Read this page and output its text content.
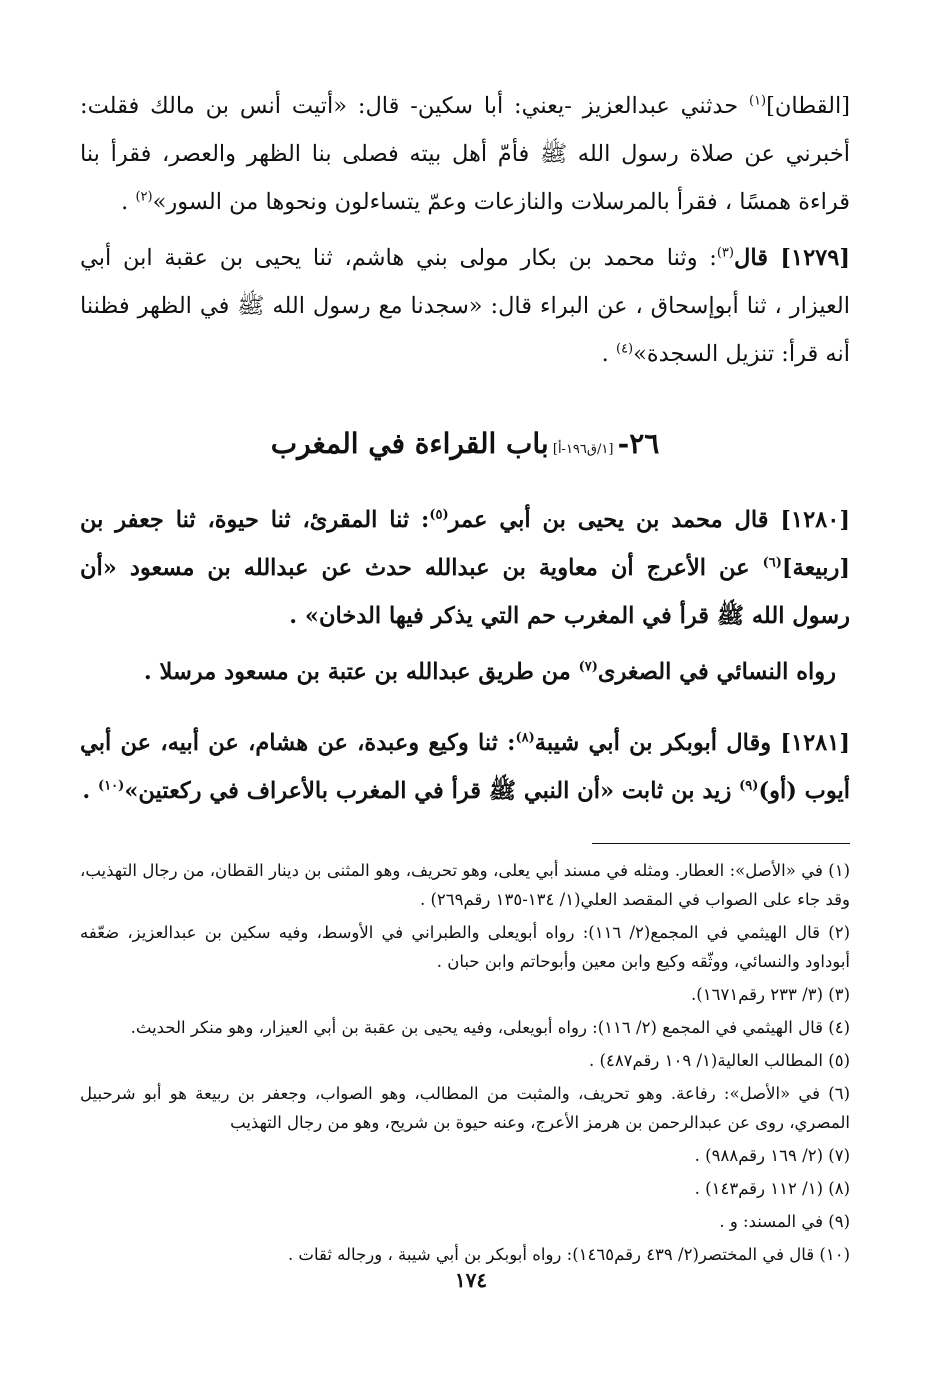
[القطان]$^{(١)}$ حدثني عبدالعزيز -يعني: أبا سكين- قال: «أتيت أنس بن مالك فقلت: أخبرني عن صلاة رسول الله ﷺ فأمّ أهل بيته فصلى بنا الظهر والعصر، فقرأ بنا قراءة همسًا ، فقرأ بالمرسلات والنازعات وعمّ يتساءلون ونحوها من السور»$^{(٢)}$ .

[١٢٧٩] قال$^{(٣)}$: وثنا محمد بن بكار مولى بني هاشم، ثنا يحيى بن عقبة ابن أبي العيزار ، ثنا أبوإسحاق ، عن البراء قال: «سجدنا مع رسول الله ﷺ في الظهر فظننا أنه قرأ: تنزيل السجدة»$^{(٤)}$ .

٢٦- [١/ق١٩٦-أ] باب القراءة في المغرب

[١٢٨٠] قال محمد بن يحيى بن أبي عمر$^{(٥)}$: ثنا المقرئ، ثنا حيوة، ثنا جعفر بن [ربيعة]$^{(٦)}$ عن الأعرج أن معاوية بن عبدالله حدث عن عبدالله بن مسعود «أن رسول الله ﷺ قرأ في المغرب حم التي يذكر فيها الدخان» .

رواه النسائي في الصغرى$^{(٧)}$ من طريق عبدالله بن عتبة بن مسعود مرسلا .

[١٢٨١] وقال أبوبكر بن أبي شيبة$^{(٨)}$: ثنا وكيع وعبدة، عن هشام، عن أبيه، عن أبي أيوب (أو)$^{(٩)}$ زيد بن ثابت «أن النبي ﷺ قرأ في المغرب بالأعراف في ركعتين»$^{(١٠)}$ .

(١) في «الأصل»: العطار. ومثله في مسند أبي يعلى، وهو تحريف، وهو المثنى بن دينار القطان، من رجال التهذيب، وقد جاء على الصواب في المقصد العلي(١/ ١٣٤-١٣٥ رقم٢٦٩) .
(٢) قال الهيثمي في المجمع(٢/ ١١٦): رواه أبويعلى والطبراني في الأوسط، وفيه سكين بن عبدالعزيز، ضعّفه أبوداود والنسائي، ووثّقه وكيع وابن معين وأبوحاتم وابن حبان .
(٣) (٣/ ٢٣٣ رقم١٦٧١).
(٤) قال الهيثمي في المجمع (٢/ ١١٦): رواه أبويعلى، وفيه يحيى بن عقبة بن أبي العيزار، وهو منكر الحديث.
(٥) المطالب العالية(١/ ١٠٩ رقم٤٨٧) .
(٦) في «الأصل»: رفاعة. وهو تحريف، والمثبت من المطالب، وهو الصواب، وجعفر بن ربيعة هو أبو شرحبيل المصري، روى عن عبدالرحمن بن هرمز الأعرج، وعنه حيوة بن شريح، وهو من رجال التهذيب
(٧) (٢/ ١٦٩ رقم٩٨٨) .
(٨) (١/ ١١٢ رقم١٤٣) .
(٩) في المسند: و .
(١٠) قال في المختصر(٢/ ٤٣٩ رقم١٤٦٥): رواه أبوبكر بن أبي شيبة ، ورجاله ثقات .
١٧٤
